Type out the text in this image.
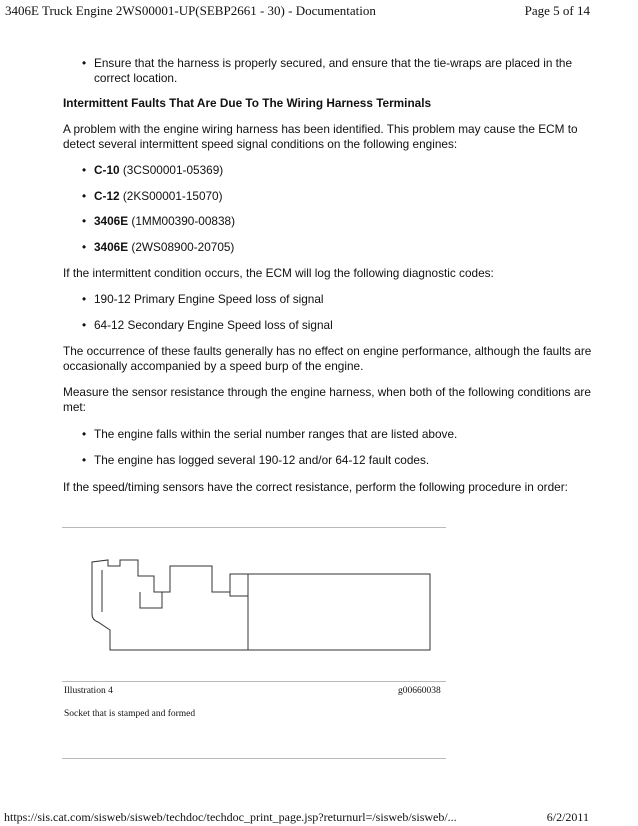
3406E Truck Engine 2WS00001-UP(SEBP2661 - 30) - Documentation	Page 5 of 14
• Ensure that the harness is properly secured, and ensure that the tie-wraps are placed in the
correct location.
Intermittent Faults That Are Due To The Wiring Harness Terminals
A problem with the engine wiring harness has been identified. This problem may cause the ECM to
detect several intermittent speed signal conditions on the following engines:
• C-10 (3CS00001-05369)
• C-12 (2KS00001-15070)
• 3406E (1MM00390-00838)
• 3406E (2WS08900-20705)
If the intermittent condition occurs, the ECM will log the following diagnostic codes:
• 190-12 Primary Engine Speed loss of signal
• 64-12 Secondary Engine Speed loss of signal
The occurrence of these faults generally has no effect on engine performance, although the faults are
occasionally accompanied by a speed burp of the engine.
Measure the sensor resistance through the engine harness, when both of the following conditions are
met:
• The engine falls within the serial number ranges that are listed above.
• The engine has logged several 190-12 and/or 64-12 fault codes.
If the speed/timing sensors have the correct resistance, perform the following procedure in order:
Illustration 4	g00660038
Socket that is stamped and formed
https://sis.cat.com/sisweb/sisweb/techdoc/techdoc_print_page.jsp?returnurl=/sisweb/sisweb/...	6/2/2011
